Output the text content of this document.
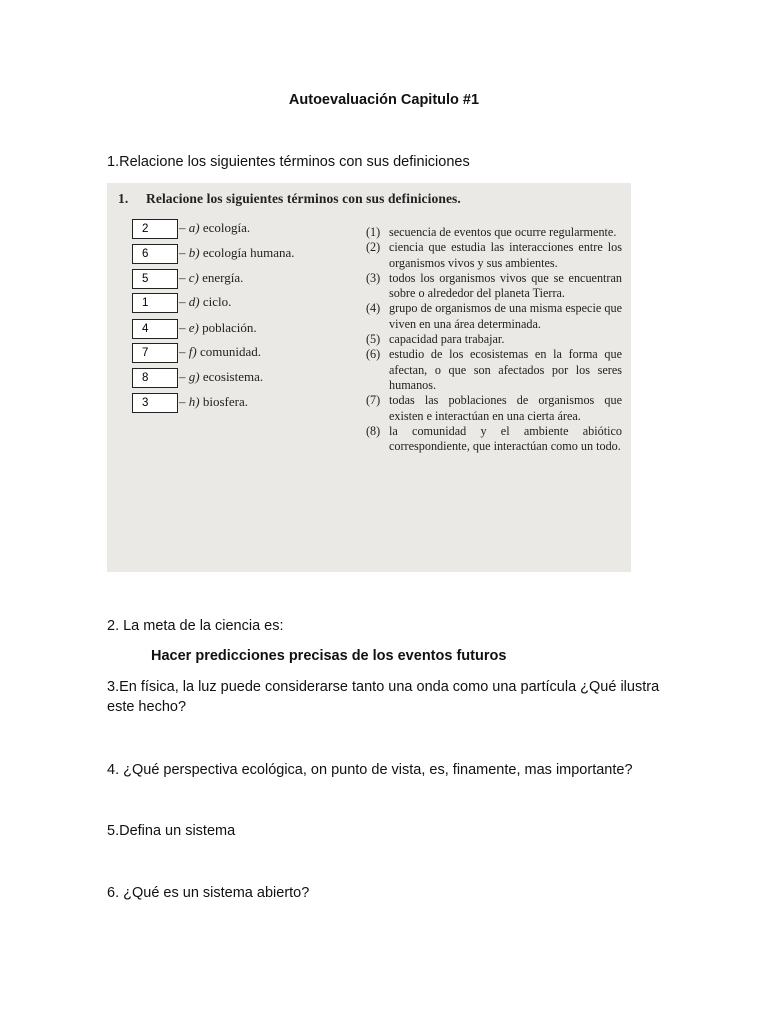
Autoevaluación Capitulo #1
1.Relacione los siguientes términos con sus definiciones
1. Relacione los siguientes términos con sus definiciones.
2	– a) ecología.
6	– b) ecología humana.
5	– c) energía.
1	– d) ciclo.
4	– e) población.
7	– f) comunidad.
8	– g) ecosistema.
3	– h) biosfera.
(1) secuencia de eventos que ocurre regularmente.
(2) ciencia que estudia las interacciones entre los organismos vivos y sus ambientes.
(3) todos los organismos vivos que se encuentran sobre o alrededor del planeta Tierra.
(4) grupo de organismos de una misma especie que viven en una área determinada.
(5) capacidad para trabajar.
(6) estudio de los ecosistemas en la forma que afectan, o que son afectados por los seres humanos.
(7) todas las poblaciones de organismos que existen e interactúan en una cierta área.
(8) la comunidad y el ambiente abiótico correspondiente, que interactúan como un todo.
2. La meta de la ciencia es:
Hacer predicciones precisas de los eventos futuros
3.En física, la luz puede considerarse tanto una onda como una partícula ¿Qué ilustra este hecho?
4. ¿Qué perspectiva ecológica, on punto de vista, es, finamente, mas importante?
5.Defina un sistema
6. ¿Qué es un sistema abierto?
